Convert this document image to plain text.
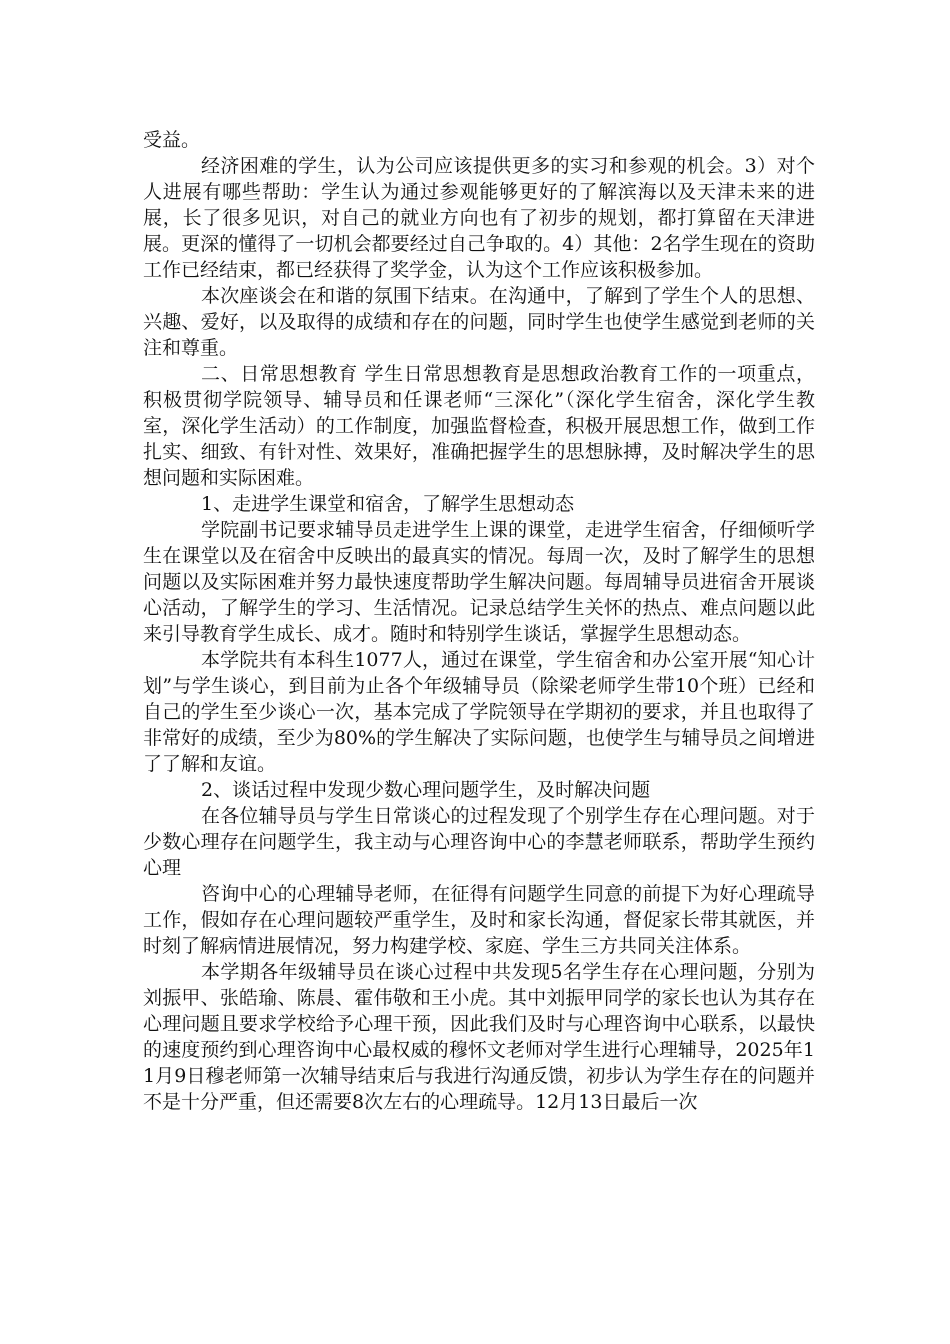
受益。

经济困难的学生，认为公司应该提供更多的实习和参观的机会。3）对个人进展有哪些帮助：学生认为通过参观能够更好的了解滨海以及天津未来的进展，长了很多见识，对自己的就业方向也有了初步的规划，都打算留在天津进展。更深的懂得了一切机会都要经过自己争取的。4）其他：2名学生现在的资助工作已经结束，都已经获得了奖学金，认为这个工作应该积极参加。

本次座谈会在和谐的氛围下结束。在沟通中，了解到了学生个人的思想、兴趣、爱好，以及取得的成绩和存在的问题，同时学生也使学生感觉到老师的关注和尊重。

二、日常思想教育 学生日常思想教育是思想政治教育工作的一项重点，积极贯彻学院领导、辅导员和任课老师“三深化”（深化学生宿舍，深化学生教室，深化学生活动）的工作制度，加强监督检查，积极开展思想工作，做到工作扎实、细致、有针对性、效果好，准确把握学生的思想脉搏，及时解决学生的思想问题和实际困难。

1、走进学生课堂和宿舍，了解学生思想动态

学院副书记要求辅导员走进学生上课的课堂，走进学生宿舍，仔细倾听学生在课堂以及在宿舍中反映出的最真实的情况。每周一次，及时了解学生的思想问题以及实际困难并努力最快速度帮助学生解决问题。每周辅导员进宿舍开展谈心活动，了解学生的学习、生活情况。记录总结学生关怀的热点、难点问题以此来引导教育学生成长、成才。随时和特别学生谈话，掌握学生思想动态。

本学院共有本科生1077人，通过在课堂，学生宿舍和办公室开展“知心计划”与学生谈心，到目前为止各个年级辅导员（除梁老师学生带10个班）已经和自己的学生至少谈心一次，基本完成了学院领导在学期初的要求，并且也取得了非常好的成绩，至少为80%的学生解决了实际问题，也使学生与辅导员之间增进了了解和友谊。

2、谈话过程中发现少数心理问题学生，及时解决问题

在各位辅导员与学生日常谈心的过程发现了个别学生存在心理问题。对于少数心理存在问题学生，我主动与心理咨询中心的李慧老师联系，帮助学生预约心理

咨询中心的心理辅导老师，在征得有问题学生同意的前提下为好心理疏导工作，假如存在心理问题较严重学生，及时和家长沟通，督促家长带其就医，并时刻了解病情进展情况，努力构建学校、家庭、学生三方共同关注体系。

本学期各年级辅导员在谈心过程中共发现5名学生存在心理问题，分别为刘振甲、张皓瑜、陈晨、霍伟敬和王小虎。其中刘振甲同学的家长也认为其存在心理问题且要求学校给予心理干预，因此我们及时与心理咨询中心联系，以最快的速度预约到心理咨询中心最权威的穆怀文老师对学生进行心理辅导，2025年11月9日穆老师第一次辅导结束后与我进行沟通反馈，初步认为学生存在的问题并不是十分严重，但还需要8次左右的心理疏导。12月13日最后一次
